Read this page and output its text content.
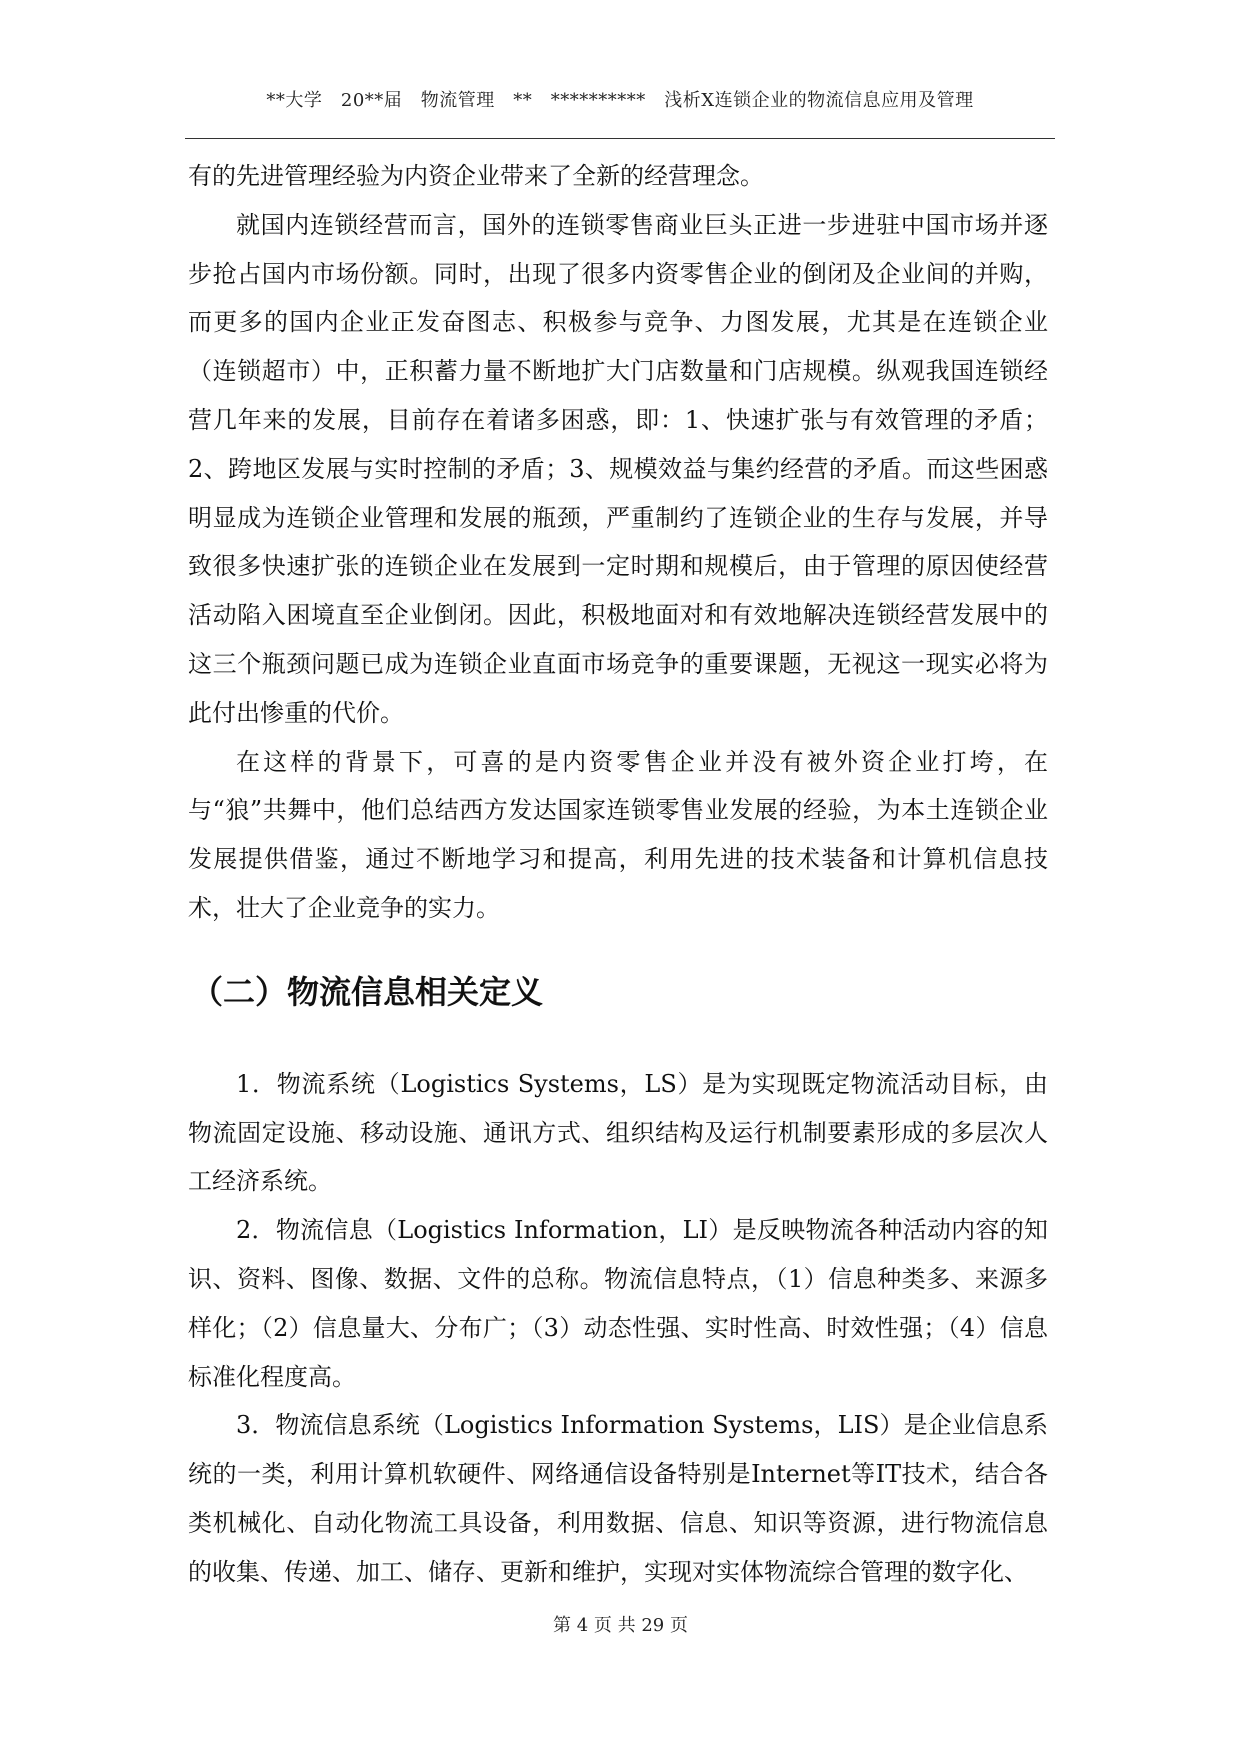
**大学　20**届　物流管理　**　**********　浅析X连锁企业的物流信息应用及管理

有的先进管理经验为内资企业带来了全新的经营理念。

就国内连锁经营而言，国外的连锁零售商业巨头正进一步进驻中国市场并逐步抢占国内市场份额。同时，出现了很多内资零售企业的倒闭及企业间的并购，而更多的国内企业正发奋图志、积极参与竞争、力图发展，尤其是在连锁企业（连锁超市）中，正积蓄力量不断地扩大门店数量和门店规模。纵观我国连锁经营几年来的发展，目前存在着诸多困惑，即：1、快速扩张与有效管理的矛盾；2、跨地区发展与实时控制的矛盾；3、规模效益与集约经营的矛盾。而这些困惑明显成为连锁企业管理和发展的瓶颈，严重制约了连锁企业的生存与发展，并导致很多快速扩张的连锁企业在发展到一定时期和规模后，由于管理的原因使经营活动陷入困境直至企业倒闭。因此，积极地面对和有效地解决连锁经营发展中的这三个瓶颈问题已成为连锁企业直面市场竞争的重要课题，无视这一现实必将为此付出惨重的代价。

在这样的背景下，可喜的是内资零售企业并没有被外资企业打垮，在与“狼”共舞中，他们总结西方发达国家连锁零售业发展的经验，为本土连锁企业发展提供借鉴，通过不断地学习和提高，利用先进的技术装备和计算机信息技术，壮大了企业竞争的实力。

（二）物流信息相关定义

1．物流系统（Logistics Systems，LS）是为实现既定物流活动目标，由物流固定设施、移动设施、通讯方式、组织结构及运行机制要素形成的多层次人工经济系统。

2．物流信息（Logistics Information，LI）是反映物流各种活动内容的知识、资料、图像、数据、文件的总称。物流信息特点，（1）信息种类多、来源多样化；（2）信息量大、分布广；（3）动态性强、实时性高、时效性强；（4）信息标准化程度高。

3．物流信息系统（Logistics Information Systems，LIS）是企业信息系统的一类，利用计算机软硬件、网络通信设备特别是Internet等IT技术，结合各类机械化、自动化物流工具设备，利用数据、信息、知识等资源，进行物流信息的收集、传递、加工、储存、更新和维护，实现对实体物流综合管理的数字化、

第 4 页 共 29 页
